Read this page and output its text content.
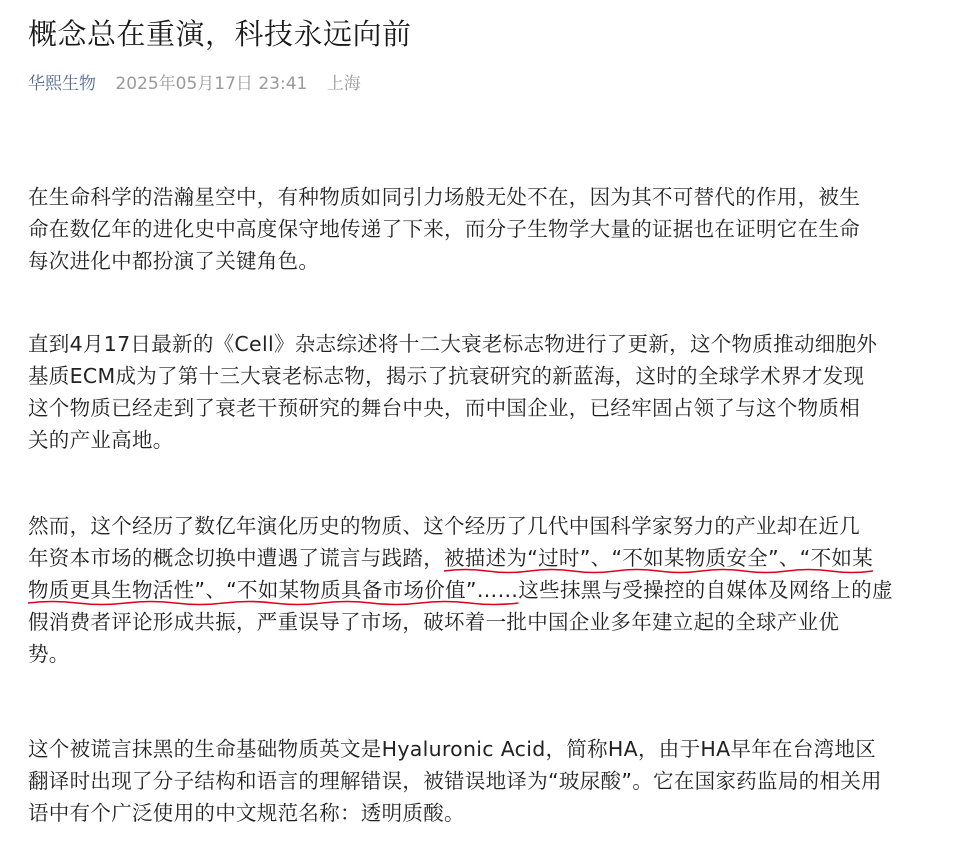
概念总在重演，科技永远向前
华熙生物 2025年05月17日 23:41 上海

在生命科学的浩瀚星空中，有种物质如同引力场般无处不在，因为其不可替代的作用，被生
命在数亿年的进化史中高度保守地传递了下来，而分子生物学大量的证据也在证明它在生命
每次进化中都扮演了关键角色。

直到4月17日最新的《Cell》杂志综述将十二大衰老标志物进行了更新，这个物质推动细胞外
基质ECM成为了第十三大衰老标志物，揭示了抗衰研究的新蓝海，这时的全球学术界才发现
这个物质已经走到了衰老干预研究的舞台中央，而中国企业，已经牢固占领了与这个物质相
关的产业高地。

然而，这个经历了数亿年演化历史的物质、这个经历了几代中国科学家努力的产业却在近几
年资本市场的概念切换中遭遇了谎言与践踏，被描述为“过时”、“不如某物质安全”、“不如某
物质更具生物活性”、“不如某物质具备市场价值”……
这些抹黑与受操控的自媒体及网络上的虚
假消费者评论形成共振，严重误导了市场，破坏着一批中国企业多年建立起的全球产业优
势。

这个被谎言抹黑的生命基础物质英文是Hyaluronic Acid，简称HA，由于HA早年在台湾地区
翻译时出现了分子结构和语言的理解错误，被错误地译为“玻尿酸”。它在国家药监局的相关用
语中有个广泛使用的中文规范名称：透明质酸。
